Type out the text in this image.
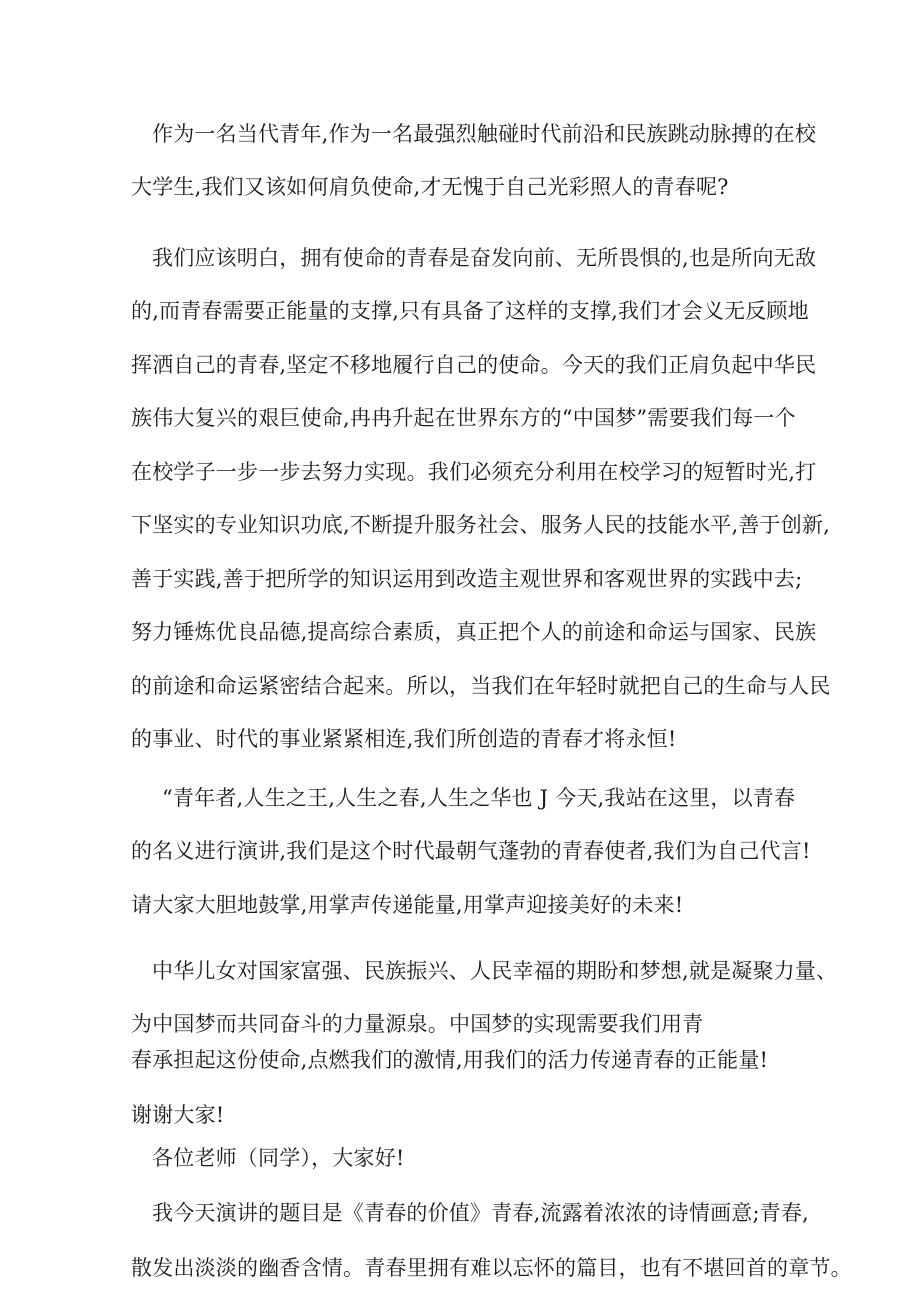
作为一名当代青年,作为一名最强烈触碰时代前沿和民族跳动脉搏的在校
大学生,我们又该如何肩负使命,才无愧于自己光彩照人的青春呢?
我们应该明白，拥有使命的青春是奋发向前、无所畏惧的,也是所向无敌
的,而青春需要正能量的支撑,只有具备了这样的支撑,我们才会义无反顾地
挥洒自己的青春,坚定不移地履行自己的使命。今天的我们正肩负起中华民
族伟大复兴的艰巨使命,冉冉升起在世界东方的“中国梦”需要我们每一个
在校学子一步一步去努力实现。我们必须充分利用在校学习的短暂时光,打
下坚实的专业知识功底,不断提升服务社会、服务人民的技能水平,善于创新,
善于实践,善于把所学的知识运用到改造主观世界和客观世界的实践中去;
努力锤炼优良品德,提高综合素质，真正把个人的前途和命运与国家、民族
的前途和命运紧密结合起来。所以，当我们在年轻时就把自己的生命与人民
的事业、时代的事业紧紧相连,我们所创造的青春才将永恒!
“青年者,人生之王,人生之春,人生之华也 J 今天,我站在这里，以青春
的名义进行演讲,我们是这个时代最朝气蓬勃的青春使者,我们为自己代言!
请大家大胆地鼓掌,用掌声传递能量,用掌声迎接美好的未来!
中华儿女对国家富强、民族振兴、人民幸福的期盼和梦想,就是凝聚力量、
为中国梦而共同奋斗的力量源泉。中国梦的实现需要我们用青
春承担起这份使命,点燃我们的激情,用我们的活力传递青春的正能量!
谢谢大家!
各位老师（同学），大家好!
我今天演讲的题目是《青春的价值》青春,流露着浓浓的诗情画意;青春,
散发出淡淡的幽香含情。青春里拥有难以忘怀的篇目，也有不堪回首的章节。
